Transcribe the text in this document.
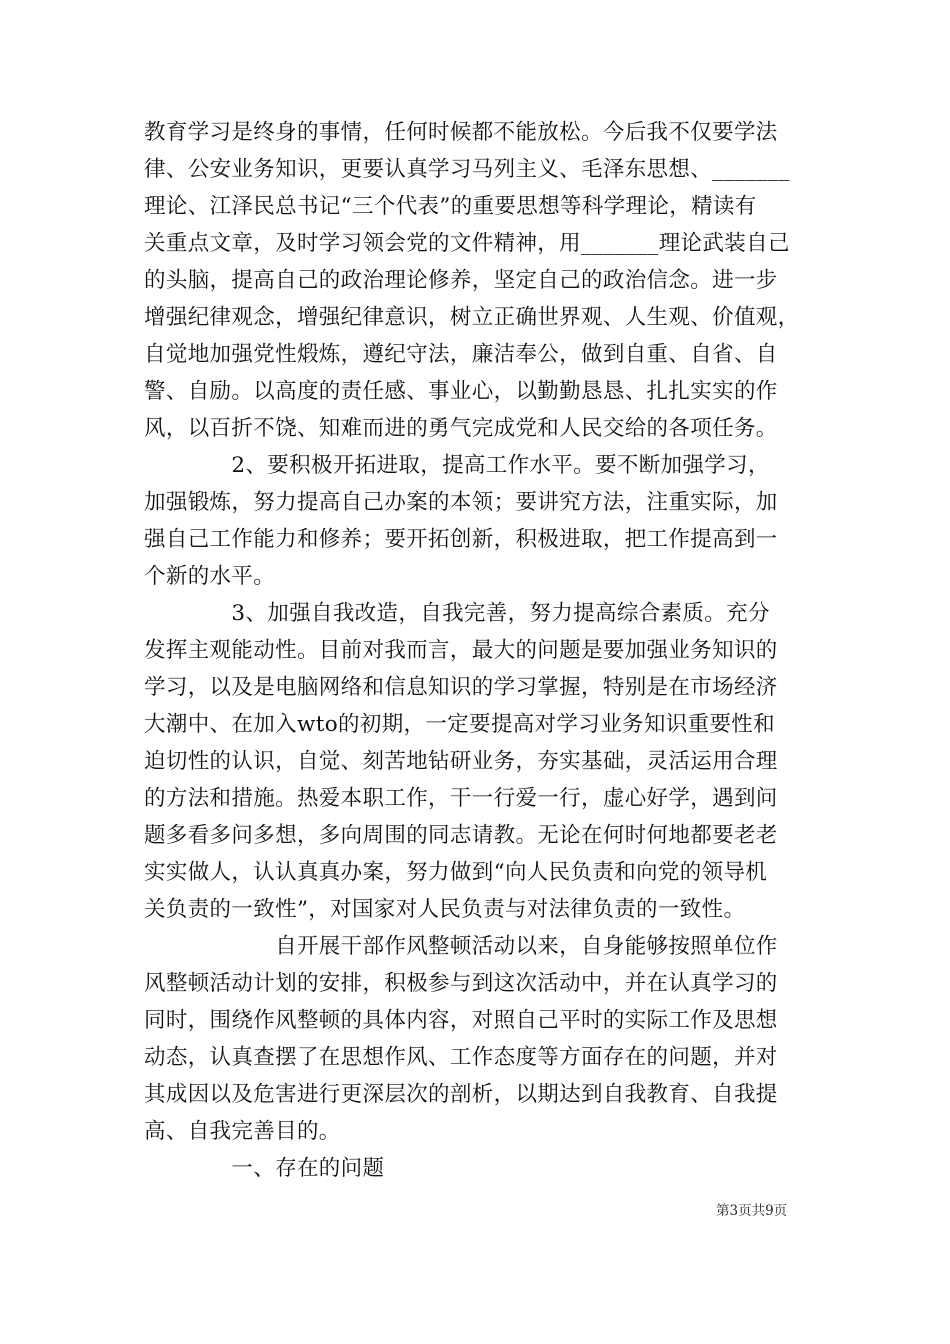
教育学习是终身的事情，任何时候都不能放松。今后我不仅要学法
律、公安业务知识，更要认真学习马列主义、毛泽东思想、_______
理论、江泽民总书记“三个代表”的重要思想等科学理论，精读有
关重点文章，及时学习领会党的文件精神，用_______理论武装自己
的头脑，提高自己的政治理论修养，坚定自己的政治信念。进一步
增强纪律观念，增强纪律意识，树立正确世界观、人生观、价值观，
自觉地加强党性煅炼，遵纪守法，廉洁奉公，做到自重、自省、自
警、自励。以高度的责任感、事业心，以勤勤恳恳、扎扎实实的作
风，以百折不饶、知难而进的勇气完成党和人民交给的各项任务。
　　　　2、要积极开拓进取，提高工作水平。要不断加强学习，
加强锻炼，努力提高自己办案的本领；要讲究方法，注重实际，加
强自己工作能力和修养；要开拓创新，积极进取，把工作提高到一
个新的水平。
　　　　3、加强自我改造，自我完善，努力提高综合素质。充分
发挥主观能动性。目前对我而言，最大的问题是要加强业务知识的
学习，以及是电脑网络和信息知识的学习掌握，特别是在市场经济
大潮中、在加入wto的初期，一定要提高对学习业务知识重要性和
迫切性的认识，自觉、刻苦地钻研业务，夯实基础，灵活运用合理
的方法和措施。热爱本职工作，干一行爱一行，虚心好学，遇到问
题多看多问多想，多向周围的同志请教。无论在何时何地都要老老
实实做人，认认真真办案，努力做到“向人民负责和向党的领导机
关负责的一致性”，对国家对人民负责与对法律负责的一致性。
　　　　　　自开展干部作风整顿活动以来，自身能够按照单位作
风整顿活动计划的安排，积极参与到这次活动中，并在认真学习的
同时，围绕作风整顿的具体内容，对照自己平时的实际工作及思想
动态，认真查摆了在思想作风、工作态度等方面存在的问题，并对
其成因以及危害进行更深层次的剖析，以期达到自我教育、自我提
高、自我完善目的。
　　　　一、存在的问题
第3页共9页
